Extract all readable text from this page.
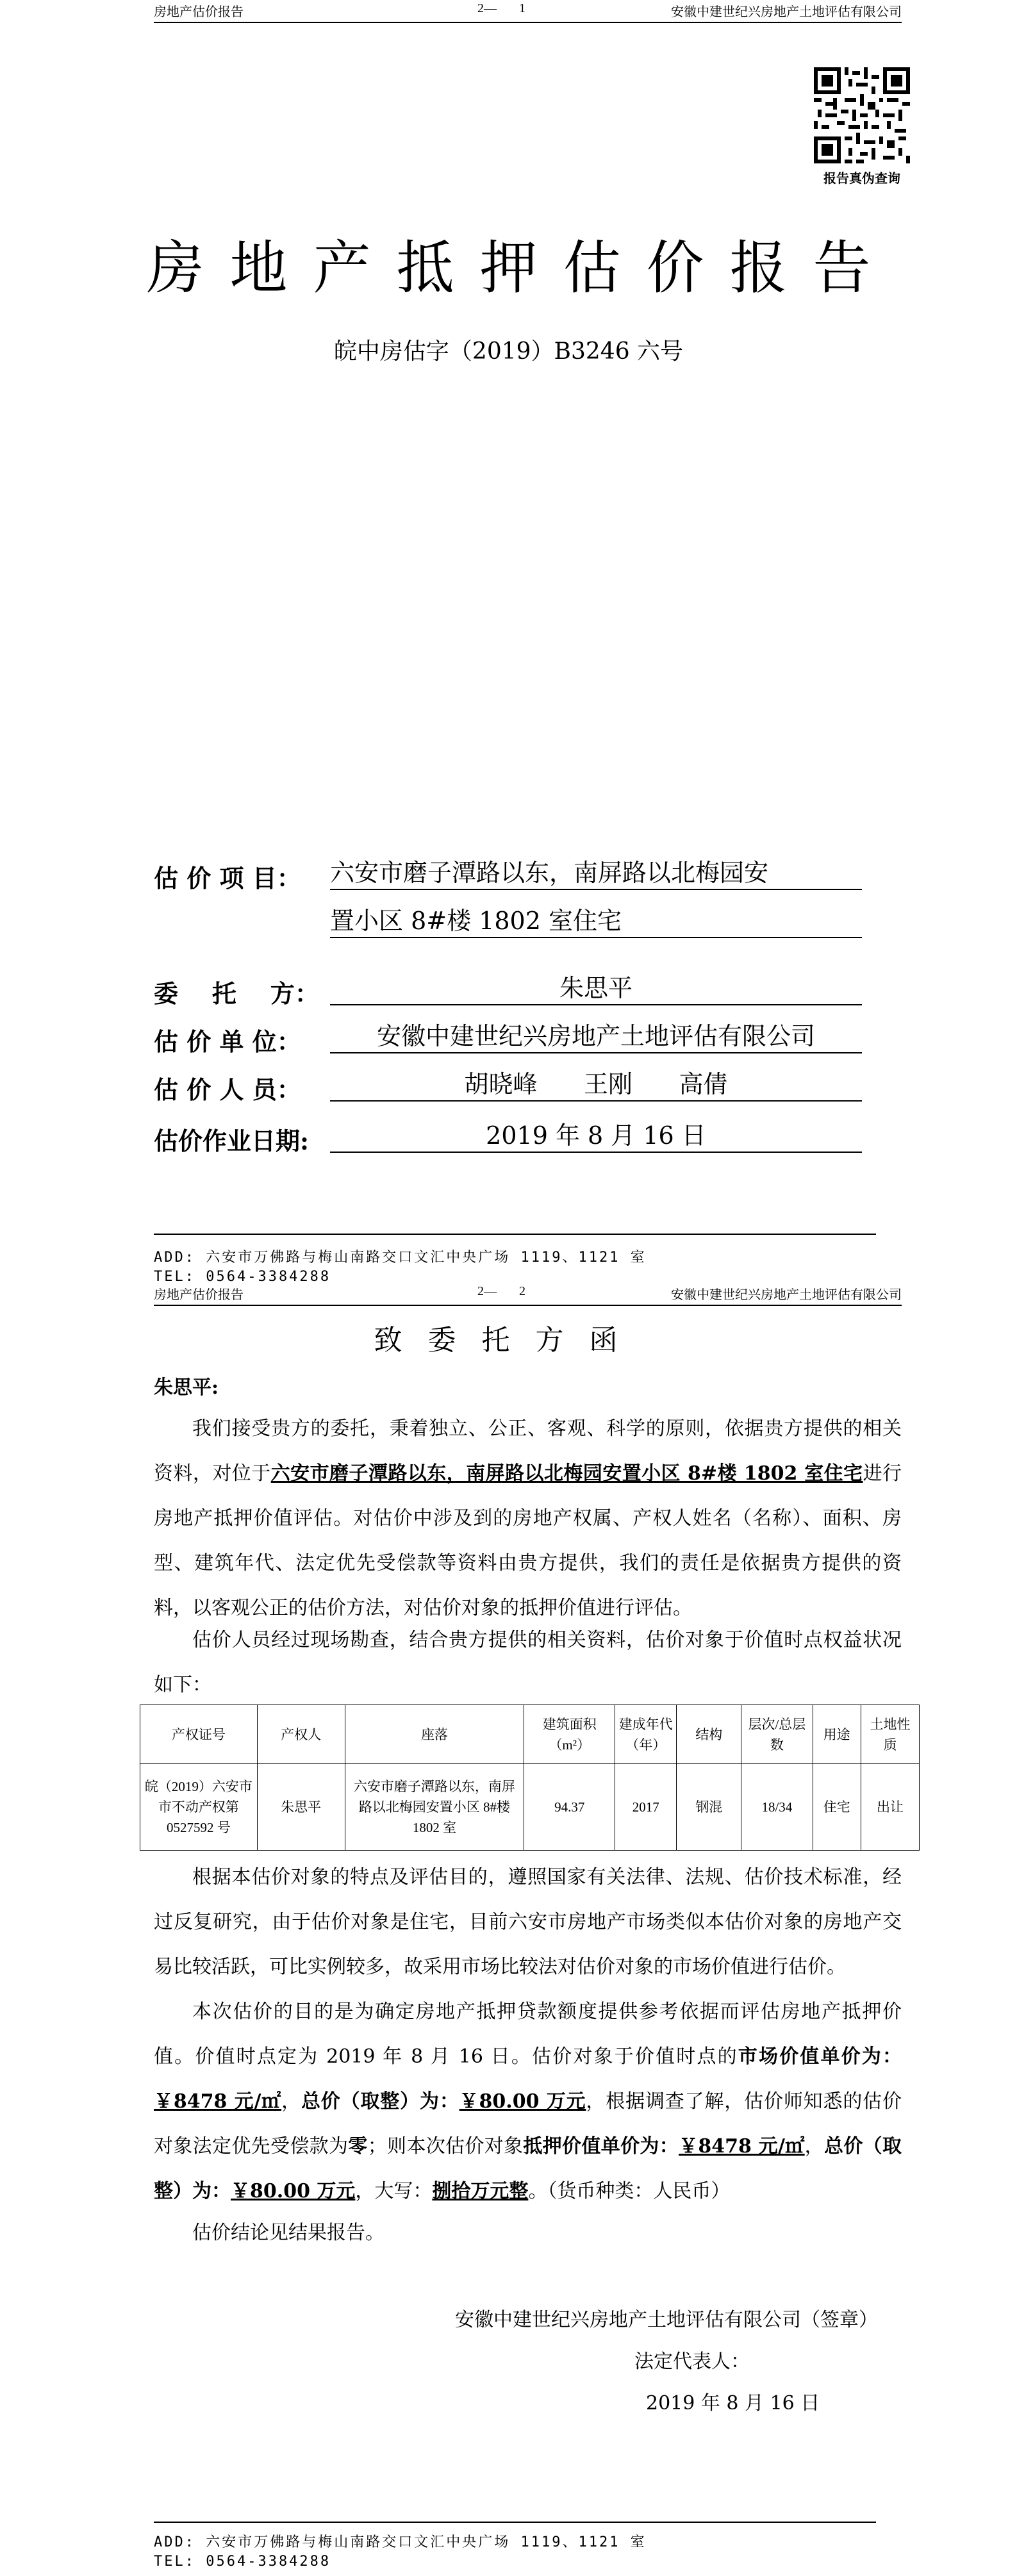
房地产估价报告	2—       1	安徽中建世纪兴房地产土地评估有限公司
报告真伪查询
房地产抵押估价报告
皖中房估字（2019）B3246 六号
估 价 项 目： 六安市磨子潭路以东，南屏路以北梅园安
置小区 8#楼 1802 室住宅
委    托    方：	朱思平
估 价 单 位：	安徽中建世纪兴房地产土地评估有限公司
估 价 人 员：	胡晓峰      王刚      高倩
估价作业日期:	2019 年 8 月 16 日
ADD: 六安市万佛路与梅山南路交口文汇中央广场 1119、1121 室
TEL: 0564-3384288
房地产估价报告	2—       2	安徽中建世纪兴房地产土地评估有限公司
致委托方函
朱思平:
我们接受贵方的委托，秉着独立、公正、客观、科学的原则，依据贵方提供的相关资料，对位于六安市磨子潭路以东，南屏路以北梅园安置小区 8#楼 1802 室住宅进行房地产抵押价值评估。对估价中涉及到的房地产权属、产权人姓名（名称）、面积、房型、建筑年代、法定优先受偿款等资料由贵方提供，我们的责任是依据贵方提供的资料，以客观公正的估价方法，对估价对象的抵押价值进行评估。
估价人员经过现场勘查，结合贵方提供的相关资料，估价对象于价值时点权益状况如下：
产权证号	产权人	座落	建筑面积（m²）	建成年代（年）	结构	层次/总层数	用途	土地性质
皖（2019）六安市市不动产权第 0527592 号	朱思平	六安市磨子潭路以东，南屏路以北梅园安置小区 8#楼 1802 室	94.37	2017	钢混	18/34	住宅	出让
根据本估价对象的特点及评估目的，遵照国家有关法律、法规、估价技术标准，经过反复研究，由于估价对象是住宅，目前六安市房地产市场类似本估价对象的房地产交易比较活跃，可比实例较多，故采用市场比较法对估价对象的市场价值进行估价。
本次估价的目的是为确定房地产抵押贷款额度提供参考依据而评估房地产抵押价值。价值时点定为 2019 年 8 月 16 日。估价对象于价值时点的市场价值单价为：￥8478 元/㎡，总价（取整）为：￥80.00 万元，根据调查了解，估价师知悉的估价对象法定优先受偿款为零；则本次估价对象抵押价值单价为：￥8478 元/㎡，总价（取整）为：￥80.00 万元，大写：捌拾万元整。（货币种类：人民币）
估价结论见结果报告。
安徽中建世纪兴房地产土地评估有限公司（签章）
法定代表人：
2019 年 8 月 16 日
ADD: 六安市万佛路与梅山南路交口文汇中央广场 1119、1121 室
TEL: 0564-3384288
